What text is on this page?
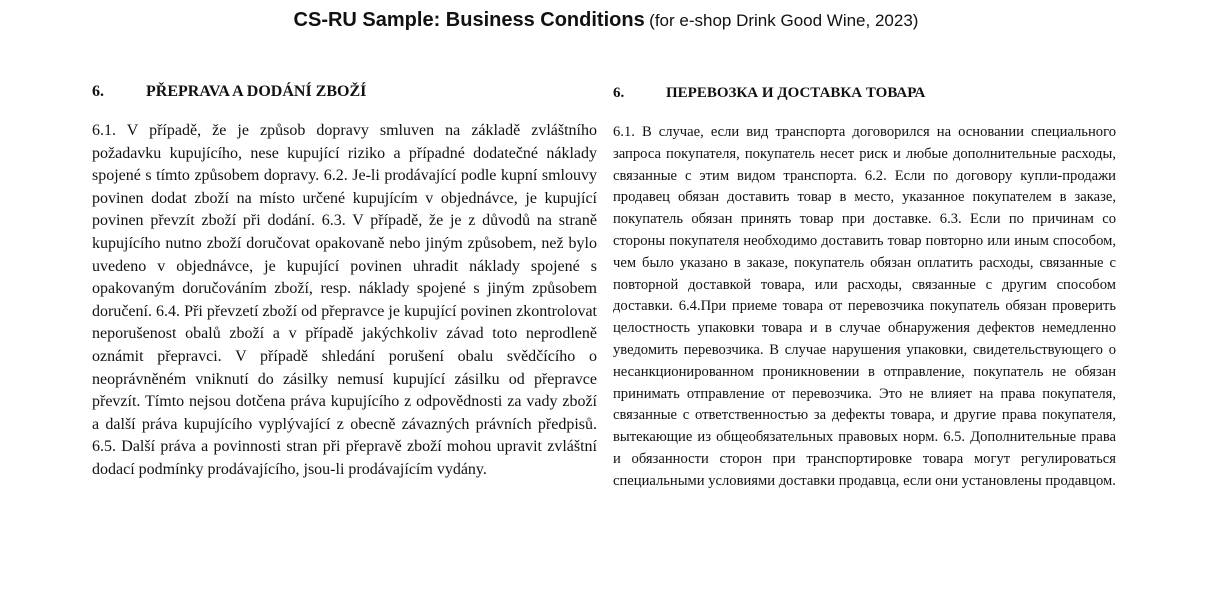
CS-RU Sample: Business Conditions (for e-shop Drink Good Wine, 2023)

6.	PŘEPRAVA A DODÁNÍ ZBOŽÍ

6.1. V případě, že je způsob dopravy smluven na základě zvláštního požadavku kupujícího, nese kupující riziko a případné dodatečné náklady spojené s tímto způsobem dopravy. 6.2. Je-li prodávající podle kupní smlouvy povinen dodat zboží na místo určené kupujícím v objednávce, je kupující povinen převzít zboží při dodání. 6.3. V případě, že je z důvodů na straně kupujícího nutno zboží doručovat opakovaně nebo jiným způsobem, než bylo uvedeno v objednávce, je kupující povinen uhradit náklady spojené s opakovaným doručováním zboží, resp. náklady spojené s jiným způsobem doručení. 6.4. Při převzetí zboží od přepravce je kupující povinen zkontrolovat neporušenost obalů zboží a v případě jakýchkoliv závad toto neprodleně oznámit přepravci. V případě shledání porušení obalu svědčícího o neoprávněném vniknutí do zásilky nemusí kupující zásilku od přepravce převzít. Tímto nejsou dotčena práva kupujícího z odpovědnosti za vady zboží a další práva kupujícího vyplývající z obecně závazných právních předpisů. 6.5. Další práva a povinnosti stran při přepravě zboží mohou upravit zvláštní dodací podmínky prodávajícího, jsou-li prodávajícím vydány.

6.	ПЕРЕВОЗКА И ДОСТАВКА ТОВАРА

6.1. В случае, если вид транспорта договорился на основании специального запроса покупателя, покупатель несет риск и любые дополнительные расходы, связанные с этим видом транспорта. 6.2. Если по договору купли-продажи продавец обязан доставить товар в место, указанное покупателем в заказе, покупатель обязан принять товар при доставке. 6.3. Если по причинам со стороны покупателя необходимо доставить товар повторно или иным способом, чем было указано в заказе, покупатель обязан оплатить расходы, связанные с повторной доставкой товара, или расходы, связанные с другим способом доставки. 6.4.При приеме товара от перевозчика покупатель обязан проверить целостность упаковки товара и в случае обнаружения дефектов немедленно уведомить перевозчика. В случае нарушения упаковки, свидетельствующего о несанкционированном проникновении в отправление, покупатель не обязан принимать отправление от перевозчика. Это не влияет на права покупателя, связанные с ответственностью за дефекты товара, и другие права покупателя, вытекающие из общеобязательных правовых норм. 6.5. Дополнительные права и обязанности сторон при транспортировке товара могут регулироваться специальными условиями доставки продавца, если они установлены продавцом.
